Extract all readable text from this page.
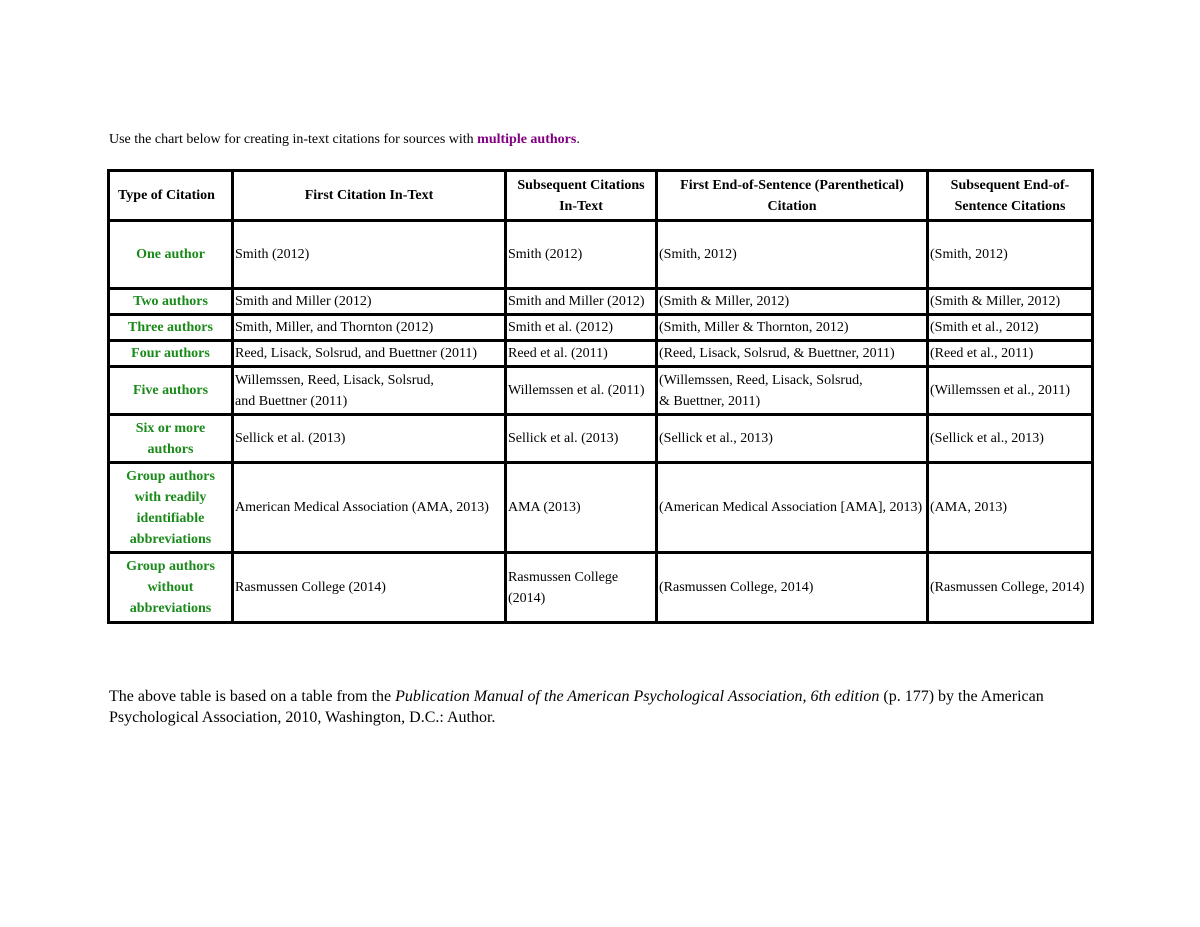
Use the chart below for creating in-text citations for sources with multiple authors.
Type of Citation	First Citation In-Text	Subsequent Citations In-Text	First End-of-Sentence (Parenthetical) Citation	Subsequent End-of-Sentence Citations
One author	Smith (2012)	Smith (2012)	(Smith, 2012)	(Smith, 2012)
Two authors	Smith and Miller (2012)	Smith and Miller (2012)	(Smith & Miller, 2012)	(Smith & Miller, 2012)
Three authors	Smith, Miller, and Thornton (2012)	Smith et al. (2012)	(Smith, Miller & Thornton, 2012)	(Smith et al., 2012)
Four authors	Reed, Lisack, Solsrud, and Buettner (2011)	Reed et al. (2011)	(Reed, Lisack, Solsrud, & Buettner, 2011)	(Reed et al., 2011)
Five authors	Willemssen, Reed, Lisack, Solsrud,
and Buettner (2011)	Willemssen et al. (2011)	(Willemssen, Reed, Lisack, Solsrud,
& Buettner, 2011)	(Willemssen et al., 2011)
Six or more authors	Sellick et al. (2013)	Sellick et al. (2013)	(Sellick et al., 2013)	(Sellick et al., 2013)
Group authors with readily identifiable abbreviations	American Medical Association (AMA, 2013)	AMA (2013)	(American Medical Association [AMA], 2013)	(AMA, 2013)
Group authors without abbreviations	Rasmussen College (2014)	Rasmussen College (2014)	(Rasmussen College, 2014)	(Rasmussen College, 2014)
The above table is based on a table from the Publication Manual of the American Psychological Association, 6th edition (p. 177) by the American Psychological Association, 2010, Washington, D.C.: Author.
